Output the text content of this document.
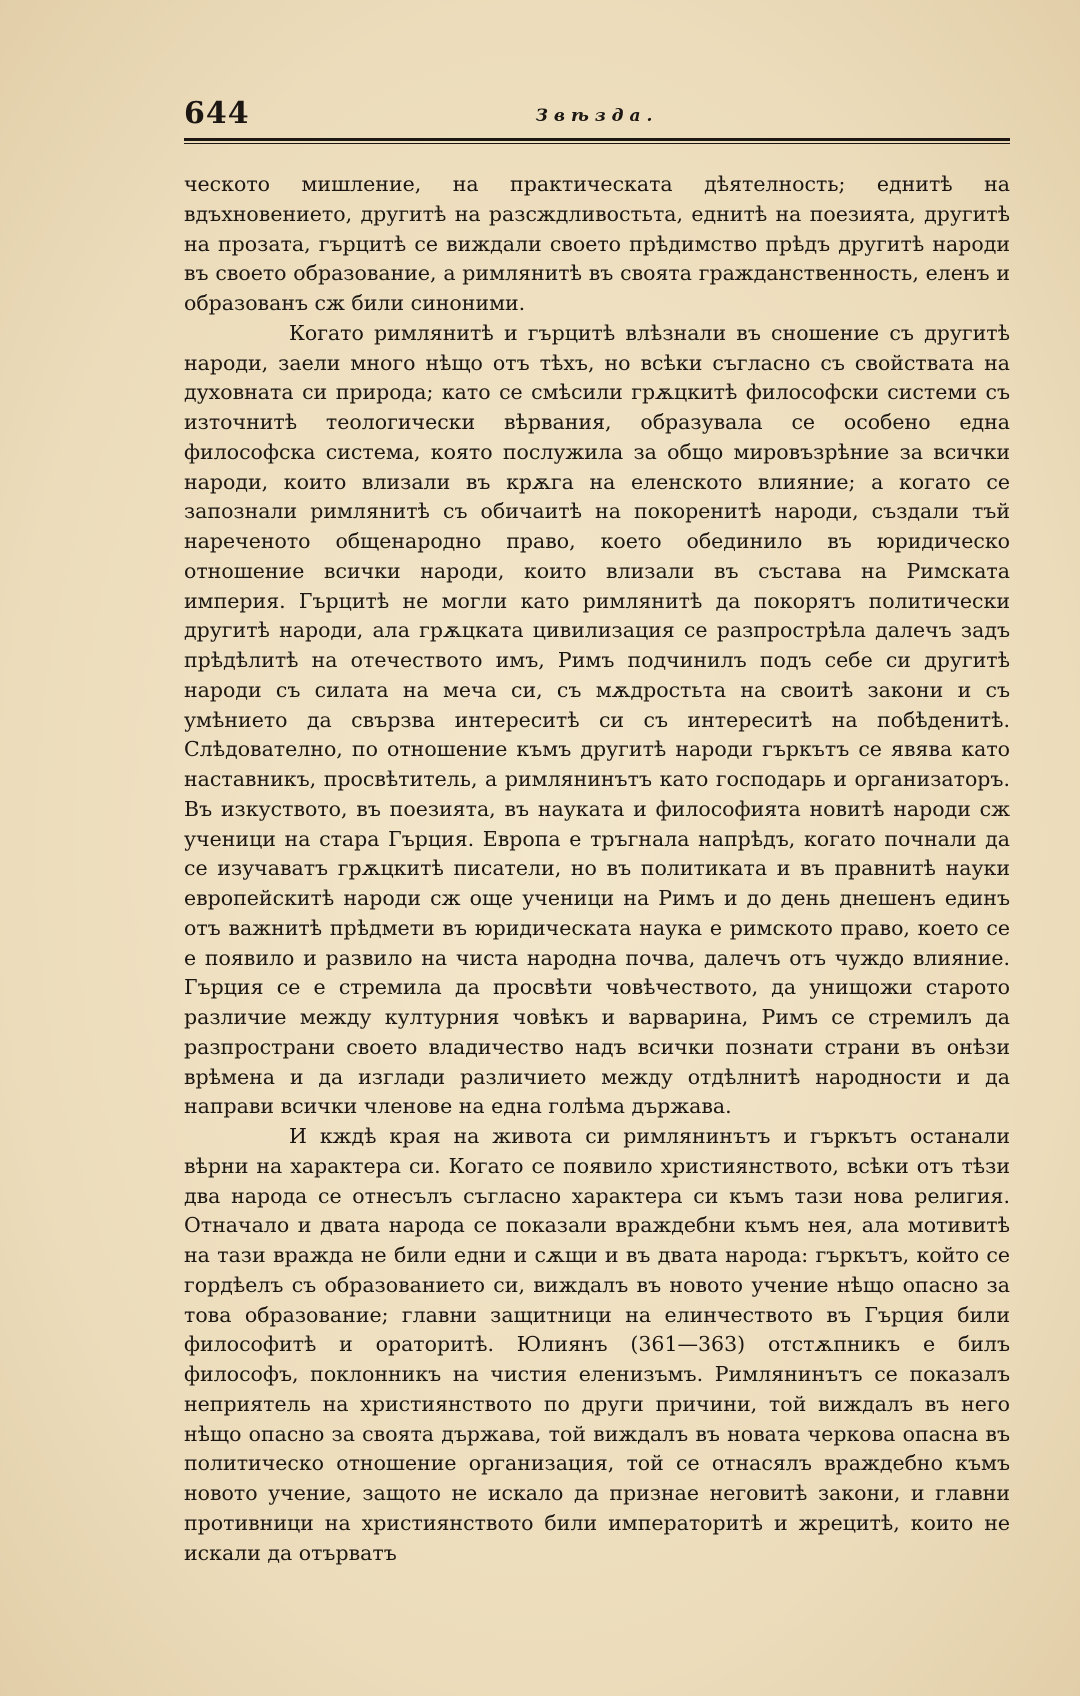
644	Звѣзда.

ческото мишление, на практическата дѣятелность; еднитѣ на вдъхновението, другитѣ на разсждливостьта, еднитѣ на поезията, другитѣ на прозата, гърцитѣ се виждали своето прѣдимство прѣдъ другитѣ народи въ своето образование, а римлянитѣ въ своята гражданственность, еленъ и образованъ сж били синоними.

Когато римлянитѣ и гърцитѣ влѣзнали въ сношение съ другитѣ народи, заели много нѣщо отъ тѣхъ, но всѣки съгласно съ свойствата на духовната си природа; като се смѣсили грѫцкитѣ философски системи съ източнитѣ теологически вѣрвания, образувала се особено една философска система, която послужила за общо мировъзрѣние за всички народи, които влизали въ крѫга на еленското влияние; а когато се запознали римлянитѣ съ обичаитѣ на покоренитѣ народи, създали тъй нареченото общенародно право, което обединило въ юридическо отношение всички народи, които влизали въ състава на Римската империя. Гърцитѣ не могли като римлянитѣ да покорятъ политически другитѣ народи, ала грѫцката цивилизация се разпрострѣла далечъ задъ прѣдѣлитѣ на отечеството имъ, Римъ подчинилъ подъ себе си другитѣ народи съ силата на меча си, съ мѫдростьта на своитѣ закони и съ умѣнието да свързва интереситѣ си съ интереситѣ на побѣденитѣ. Слѣдователно, по отношение къмъ другитѣ народи гъркътъ се явява като наставникъ, просвѣтитель, а римлянинътъ като господарь и организаторъ. Въ изкуството, въ поезията, въ науката и философията новитѣ народи сж ученици на стара Гърция. Европа е тръгнала напрѣдъ, когато почнали да се изучаватъ грѫцкитѣ писатели, но въ политиката и въ правнитѣ науки европейскитѣ народи сж още ученици на Римъ и до день днешенъ единъ отъ важнитѣ прѣдмети въ юридическата наука е римското право, което се е появило и развило на чиста народна почва, далечъ отъ чуждо влияние. Гърция се е стремила да просвѣти човѣчеството, да унищожи старото различие между културния човѣкъ и варварина, Римъ се стремилъ да разпространи своето владичество надъ всички познати страни въ онѣзи врѣмена и да изглади различието между отдѣлнитѣ народности и да направи всички членове на една голѣма държава.

И кждѣ края на живота си римлянинътъ и гъркътъ останали вѣрни на характера си. Когато се появило християнството, всѣки отъ тѣзи два народа се отнесълъ съгласно характера си къмъ тази нова религия. Отначало и двата народа се показали враждебни къмъ нея, ала мотивитѣ на тази вражда не били едни и сѫщи и въ двата народа: гъркътъ, който се гордѣелъ съ образованието си, виждалъ въ новото учение нѣщо опасно за това образование; главни защитници на елинчеството въ Гърция били философитѣ и ораторитѣ. Юлиянъ (361—363) отстѫпникъ е билъ философъ, поклонникъ на чистия еленизъмъ. Римлянинътъ се показалъ неприятель на християнството по други причини, той виждалъ въ него нѣщо опасно за своята държава, той виждалъ въ новата черкова опасна въ политическо отношение организация, той се отнасялъ враждебно къмъ новото учение, защото не искало да признае неговитѣ закони, и главни противници на християнството били императоритѣ и жрецитѣ, които не искали да отърватъ
